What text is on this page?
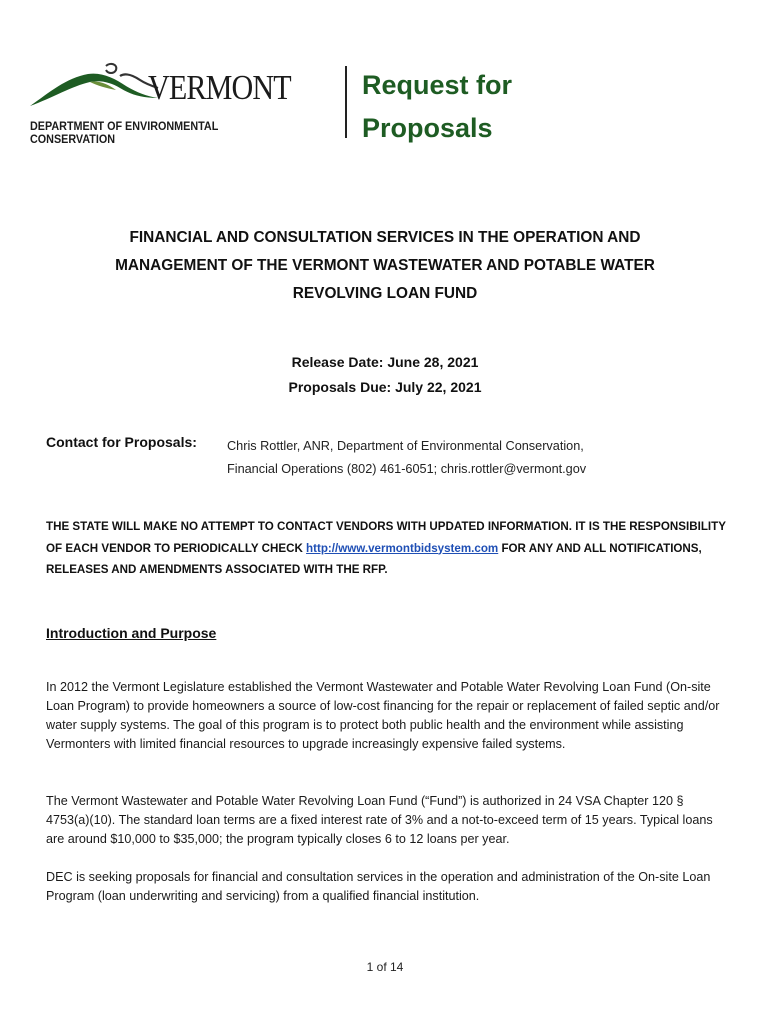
VERMONT
DEPARTMENT OF ENVIRONMENTAL CONSERVATION
Request for
Proposals
FINANCIAL AND CONSULTATION SERVICES IN THE OPERATION AND
MANAGEMENT OF THE VERMONT WASTEWATER AND POTABLE WATER
REVOLVING LOAN FUND
Release Date: June 28, 2021
Proposals Due: July 22, 2021
Contact for Proposals: Chris Rottler, ANR, Department of Environmental Conservation,
Financial Operations (802) 461-6051; chris.rottler@vermont.gov
THE STATE WILL MAKE NO ATTEMPT TO CONTACT VENDORS WITH UPDATED INFORMATION. IT IS THE RESPONSIBILITY OF EACH VENDOR TO PERIODICALLY CHECK http://www.vermontbidsystem.com FOR ANY AND ALL NOTIFICATIONS, RELEASES AND AMENDMENTS ASSOCIATED WITH THE RFP.
Introduction and Purpose
In 2012 the Vermont Legislature established the Vermont Wastewater and Potable Water Revolving Loan Fund (On-site Loan Program) to provide homeowners a source of low-cost financing for the repair or replacement of failed septic and/or water supply systems. The goal of this program is to protect both public health and the environment while assisting Vermonters with limited financial resources to upgrade increasingly expensive failed systems.
The Vermont Wastewater and Potable Water Revolving Loan Fund (“Fund”) is authorized in 24 VSA Chapter 120 § 4753(a)(10). The standard loan terms are a fixed interest rate of 3% and a not-to-exceed term of 15 years. Typical loans are around $10,000 to $35,000; the program typically closes 6 to 12 loans per year.
DEC is seeking proposals for financial and consultation services in the operation and administration of the On-site Loan Program (loan underwriting and servicing) from a qualified financial institution.
1 of 14
